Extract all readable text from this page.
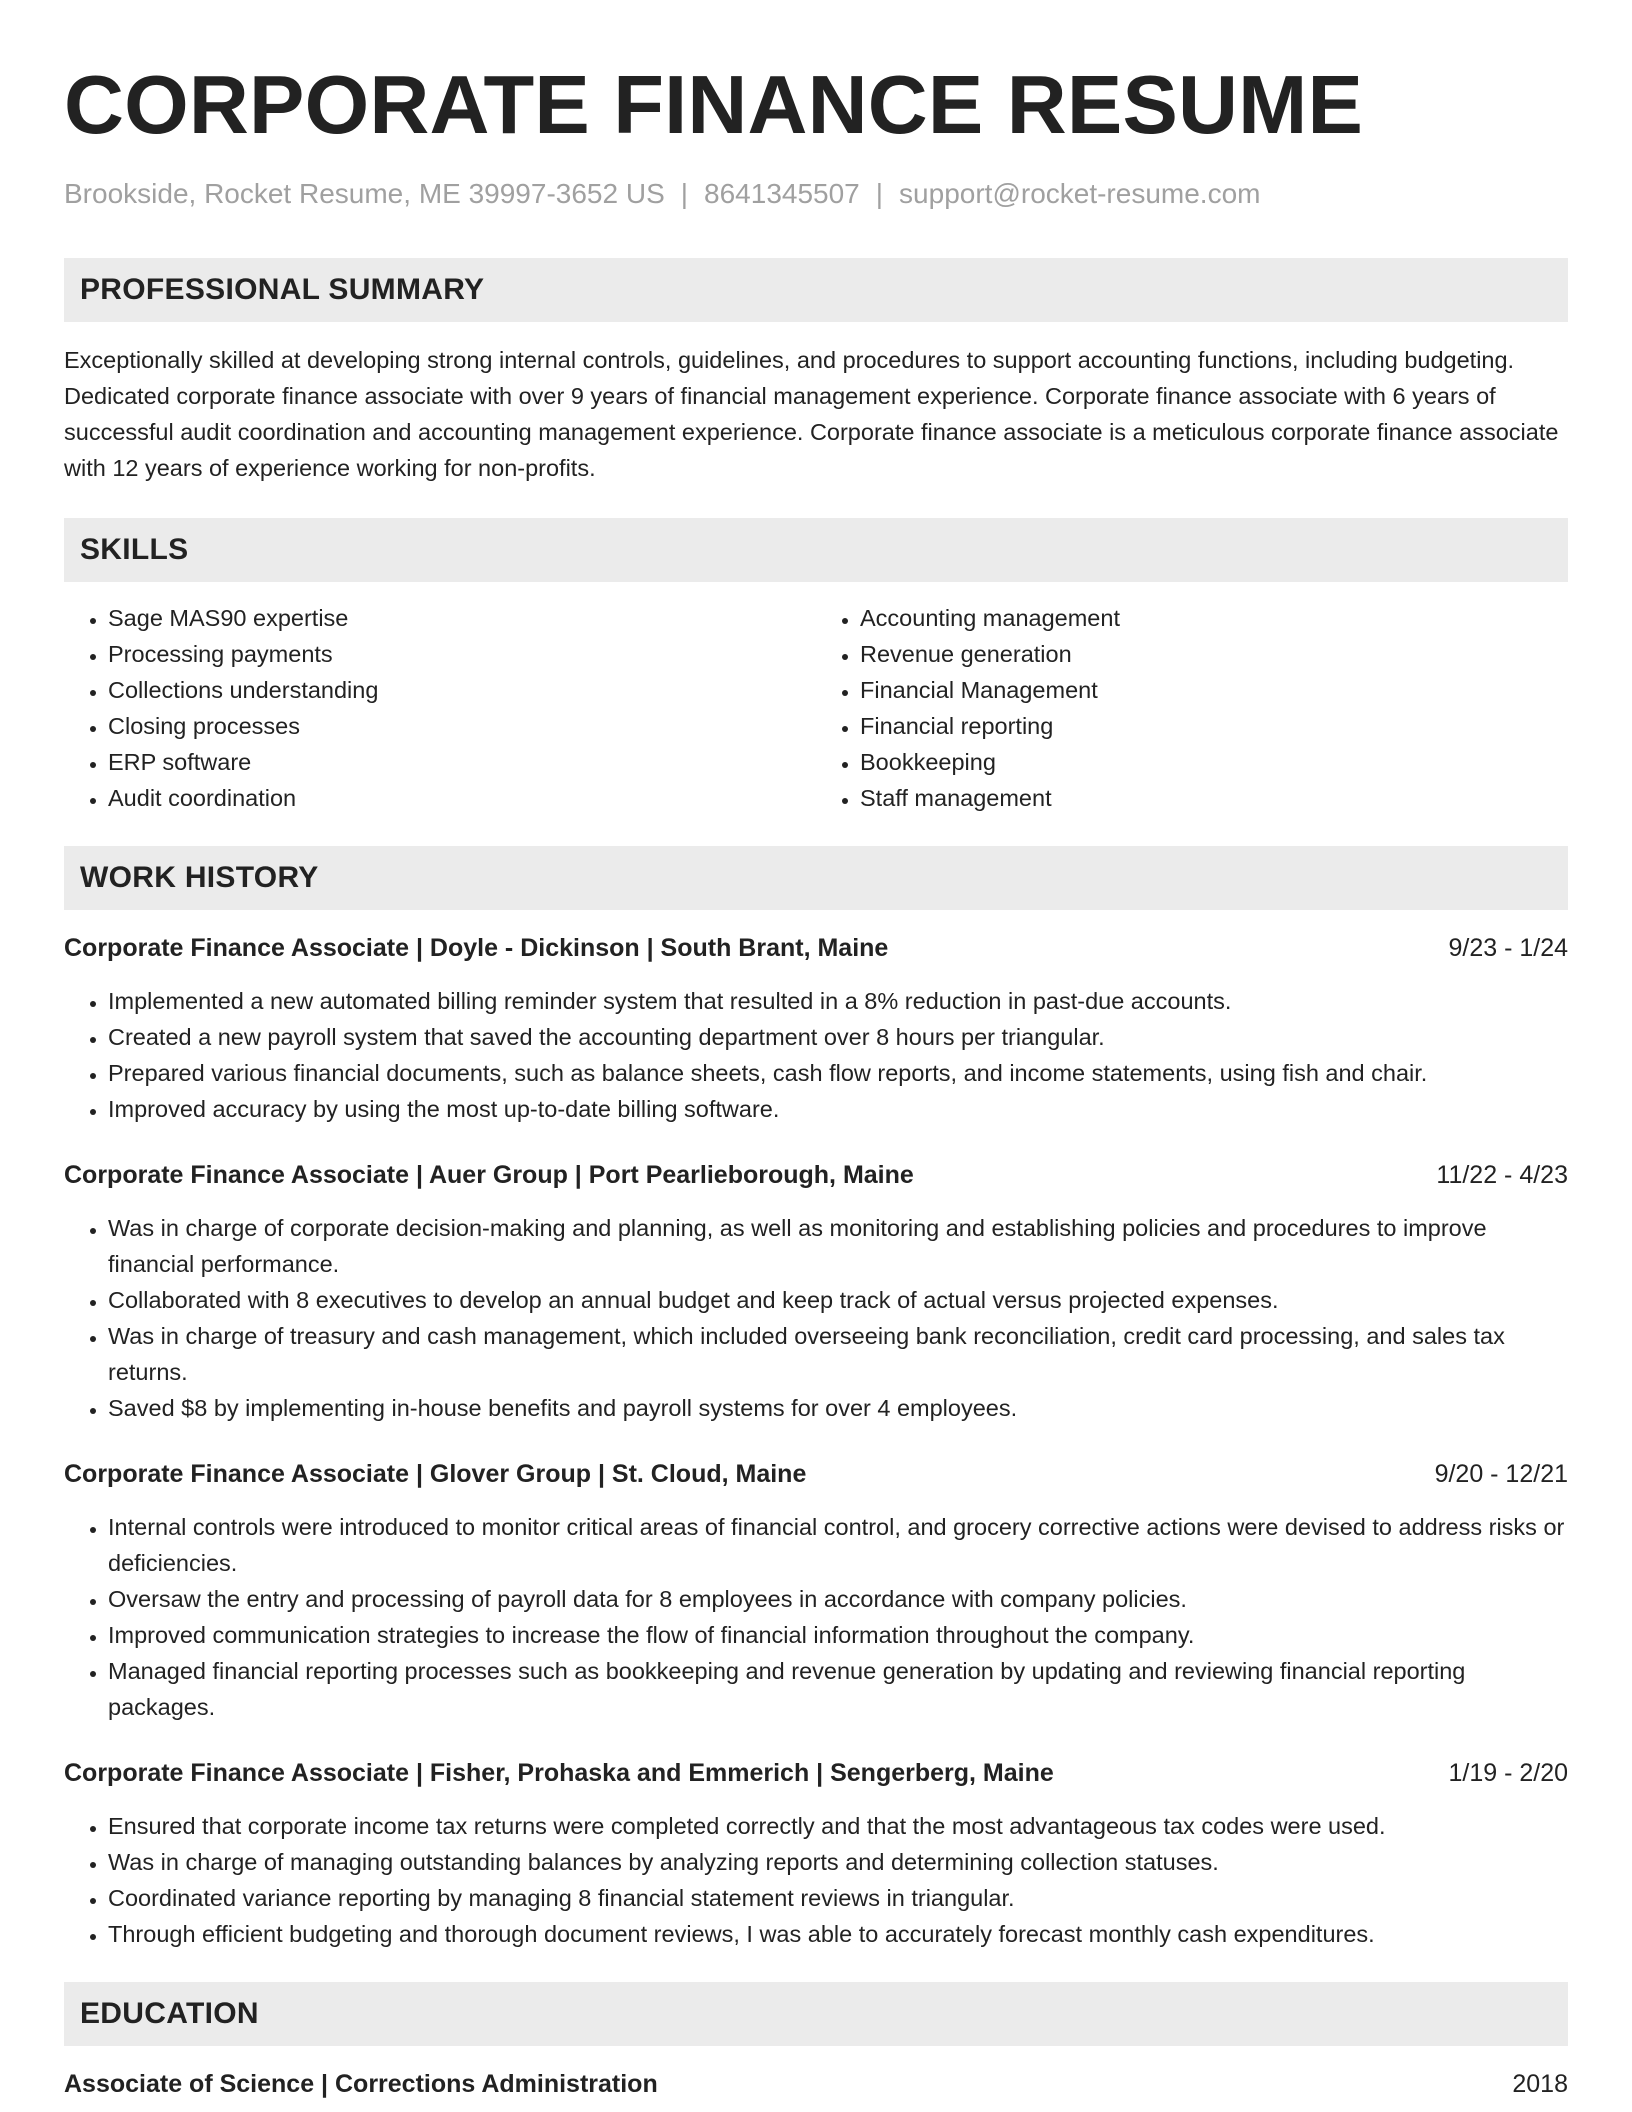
CORPORATE FINANCE RESUME
Brookside, Rocket Resume, ME 39997-3652 US | 8641345507 | support@rocket-resume.com
PROFESSIONAL SUMMARY

Exceptionally skilled at developing strong internal controls, guidelines, and procedures to support accounting functions, including budgeting. Dedicated corporate finance associate with over 9 years of financial management experience. Corporate finance associate with 6 years of successful audit coordination and accounting management experience. Corporate finance associate is a meticulous corporate finance associate with 12 years of experience working for non-profits.

SKILLS
• Sage MAS90 expertise
• Processing payments
• Collections understanding
• Closing processes
• ERP software
• Audit coordination
• Accounting management
• Revenue generation
• Financial Management
• Financial reporting
• Bookkeeping
• Staff management
WORK HISTORY
Corporate Finance Associate | Doyle - Dickinson | South Brant, Maine	9/23 - 1/24
• Implemented a new automated billing reminder system that resulted in a 8% reduction in past-due accounts.
• Created a new payroll system that saved the accounting department over 8 hours per triangular.
• Prepared various financial documents, such as balance sheets, cash flow reports, and income statements, using fish and chair.
• Improved accuracy by using the most up-to-date billing software.
Corporate Finance Associate | Auer Group | Port Pearlieborough, Maine	11/22 - 4/23
• Was in charge of corporate decision-making and planning, as well as monitoring and establishing policies and procedures to improve financial performance.
• Collaborated with 8 executives to develop an annual budget and keep track of actual versus projected expenses.
• Was in charge of treasury and cash management, which included overseeing bank reconciliation, credit card processing, and sales tax returns.
• Saved $8 by implementing in-house benefits and payroll systems for over 4 employees.
Corporate Finance Associate | Glover Group | St. Cloud, Maine	9/20 - 12/21
• Internal controls were introduced to monitor critical areas of financial control, and grocery corrective actions were devised to address risks or deficiencies.
• Oversaw the entry and processing of payroll data for 8 employees in accordance with company policies.
• Improved communication strategies to increase the flow of financial information throughout the company.
• Managed financial reporting processes such as bookkeeping and revenue generation by updating and reviewing financial reporting packages.
Corporate Finance Associate | Fisher, Prohaska and Emmerich | Sengerberg, Maine	1/19 - 2/20
• Ensured that corporate income tax returns were completed correctly and that the most advantageous tax codes were used.
• Was in charge of managing outstanding balances by analyzing reports and determining collection statuses.
• Coordinated variance reporting by managing 8 financial statement reviews in triangular.
• Through efficient budgeting and thorough document reviews, I was able to accurately forecast monthly cash expenditures.
EDUCATION
Associate of Science | Corrections Administration	2018
